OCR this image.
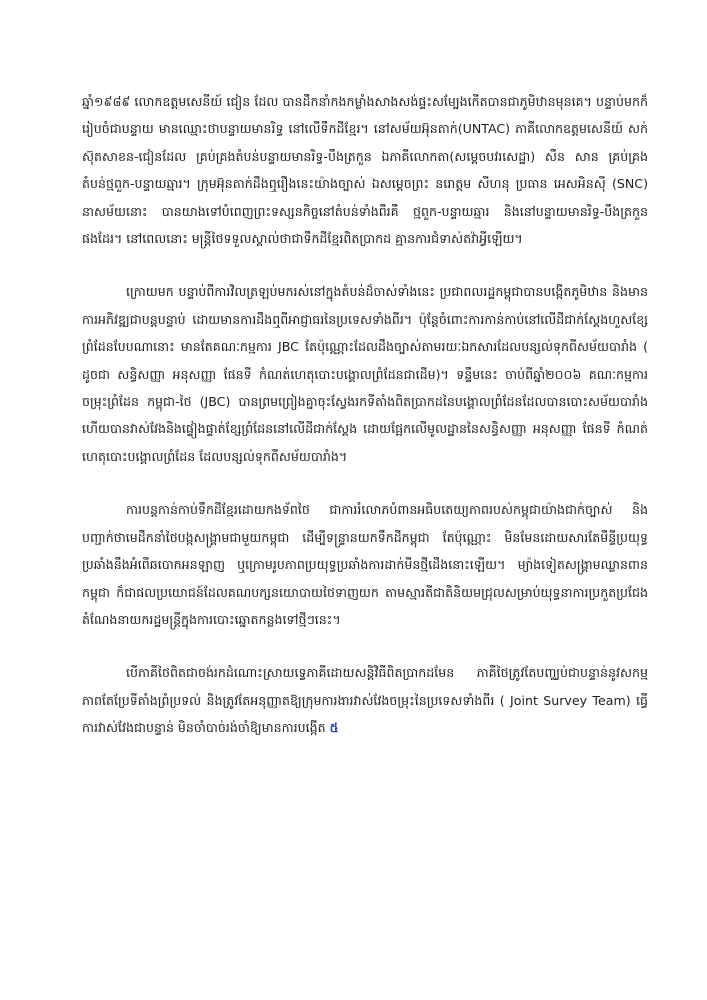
ឆ្នាំ១៩៨៩ លោកឧត្តមសេនីយ៍ ជៀន ដែល បានដឹកនាំកងកម្លាំងសាងសង់ផ្ទះសម្បែងកើតបានជាភូមិឋានមុនគេ។ បន្ទាប់មកក៏រៀបចំជាបន្ទាយ មានឈ្មោះថាបន្ទាយមានរិទ្ធ នៅលើទឹកដីខ្មែរ។ នៅសម័យអ៊ុនតាក់(UNTAC) ភាគីលោកឧត្តមសេនីយ៍ សក់ ស៊ុតសាខន-ជៀនដែល គ្រប់គ្រងតំបន់បន្ទាយមានរិទ្ធ-បឹងត្រកួន ឯភាគីលោកតា(សម្តេចបវរសេដ្ឋា) សឺន សាន គ្រប់គ្រងតំបន់ថ្មពួក-បន្ទាយឆ្មារ។ ក្រុមអ៊ុនតាក់ដឹងឮរឿងនេះយ៉ាងច្បាស់ ឯសម្តេចព្រះ នរោត្តម សីហនុ ប្រធាន អេសអិនស៊ី (SNC) នាសម័យនោះ បានយាងទៅបំពេញព្រះទស្សនកិច្ចនៅតំបន់ទាំងពីរគឺ ថ្មពួក-បន្ទាយឆ្មារ និងនៅបន្ទាយមានរិទ្ធ-បឹងត្រកួន ផងដែរ។ នៅពេលនោះ មន្ត្រីថៃទទួលស្គាល់ថាជាទឹកដីខ្មែរពិតប្រាកដ គ្មានការជំទាស់តវ៉ាអ្វីឡើយ។

ក្រោយមក បន្ទាប់ពីការវិលត្រឡប់មករស់នៅក្នុងតំបន់ដ៏ចាស់ទាំងនេះ ប្រជាពលរដ្ឋកម្ពុជាបានបង្កើតភូមិឋាន និងមានការអភិវឌ្ឍជាបន្តបន្ទាប់ ដោយមានការដឹងឮពីអាជ្ញាធរនៃប្រទេសទាំងពីរ។ ប៉ុន្តែចំពោះការកាន់កាប់នៅលើដីជាក់ស្តែងហួសខ្សែព្រំដែនបែបណានោះ មានតែគណៈកម្មការ JBC តែប៉ុណ្ណោះដែលដឹងច្បាស់តាមរយៈឯកសារដែលបន្សល់ទុកពីសម័យបារាំង ( ដូចជា សន្ធិសញ្ញា អនុសញ្ញា ផែនទី កំណត់ហេតុបោះបង្គោលព្រំដែនជាដើម)។ ទន្ទឹមនេះ ចាប់ពីឆ្នាំ២០០៦ គណៈកម្មការចម្រុះព្រំដែន កម្ពុជា-ថៃ (JBC) បានព្រមព្រៀងគ្នាចុះស្វែងរកទីតាំងពិតប្រាកដនៃបង្គោលព្រំដែនដែលបានបោះសម័យបារាំង ហើយបានវាស់វែងនិងផ្ទៀងផ្ទាត់ខ្សែព្រំដែននៅលើដីជាក់ស្តែង ដោយផ្អែកលើមូលដ្ឋាននៃសន្ធិសញ្ញា អនុសញ្ញា ផែនទី កំណត់ហេតុបោះបង្គោលព្រំដែន ដែលបន្សល់ទុកពីសម័យបារាំង។

ការបន្តកាន់កាប់ទឹកដីខ្មែរដោយកងទ័ពថៃ ជាការរំលោភបំពានអធិបតេយ្យភាពរបស់កម្ពុជាយ៉ាងជាក់ច្បាស់ និងបញ្ជាក់ថាមេដឹកនាំថៃបង្កសង្គ្រាមជាមួយកម្ពុជា ដើម្បីទន្ទ្រានយកទឹកដីកម្ពុជា តែប៉ុណ្ណោះ មិនមែនដោយសារតែមីន្ទីប្រយុទ្ធប្រឆាំងនឹងអំពើឆបោកអនឡាញ ឬក្រោមរូបភាពប្រយុទ្ធប្រឆាំងការដាក់មីនថ្មីដើងនោះឡើយ។ ម្យ៉ាងទៀតសង្គ្រាមឈ្លានពានកម្ពុជា ក៏ជាផលប្រយោជន៍ដែលគណបក្សនយោបាយថៃទាញយក តាមស្មារតីជាតិនិយមជ្រុលសម្រាប់យុទ្ធនាការប្រកួតប្រជែងតំណែងនាយករដ្ឋមន្ត្រីក្នុងការបោះឆ្នោតកន្លងទៅថ្មីៗនេះ។

បើភាគីថៃពិតជាចង់រកដំណោះស្រាយទ្វេភាគីដោយសន្តិវិធីពិតប្រាកដមែន ភាគីថៃត្រូវតែបញ្ឈប់ជាបន្ទាន់នូវសកម្មភាពតែប្រែទីតាំងព្រំប្រទល់ និងត្រូវតែអនុញ្ញាតឱ្យក្រុមការងារវាស់វែងចម្រុះនៃប្រទេសទាំងពីរ ( Joint Survey Team) ធ្វើការវាស់វែងជាបន្ទាន់ មិនចាំបាច់រង់ចាំឱ្យមានការបង្កើត ៥
